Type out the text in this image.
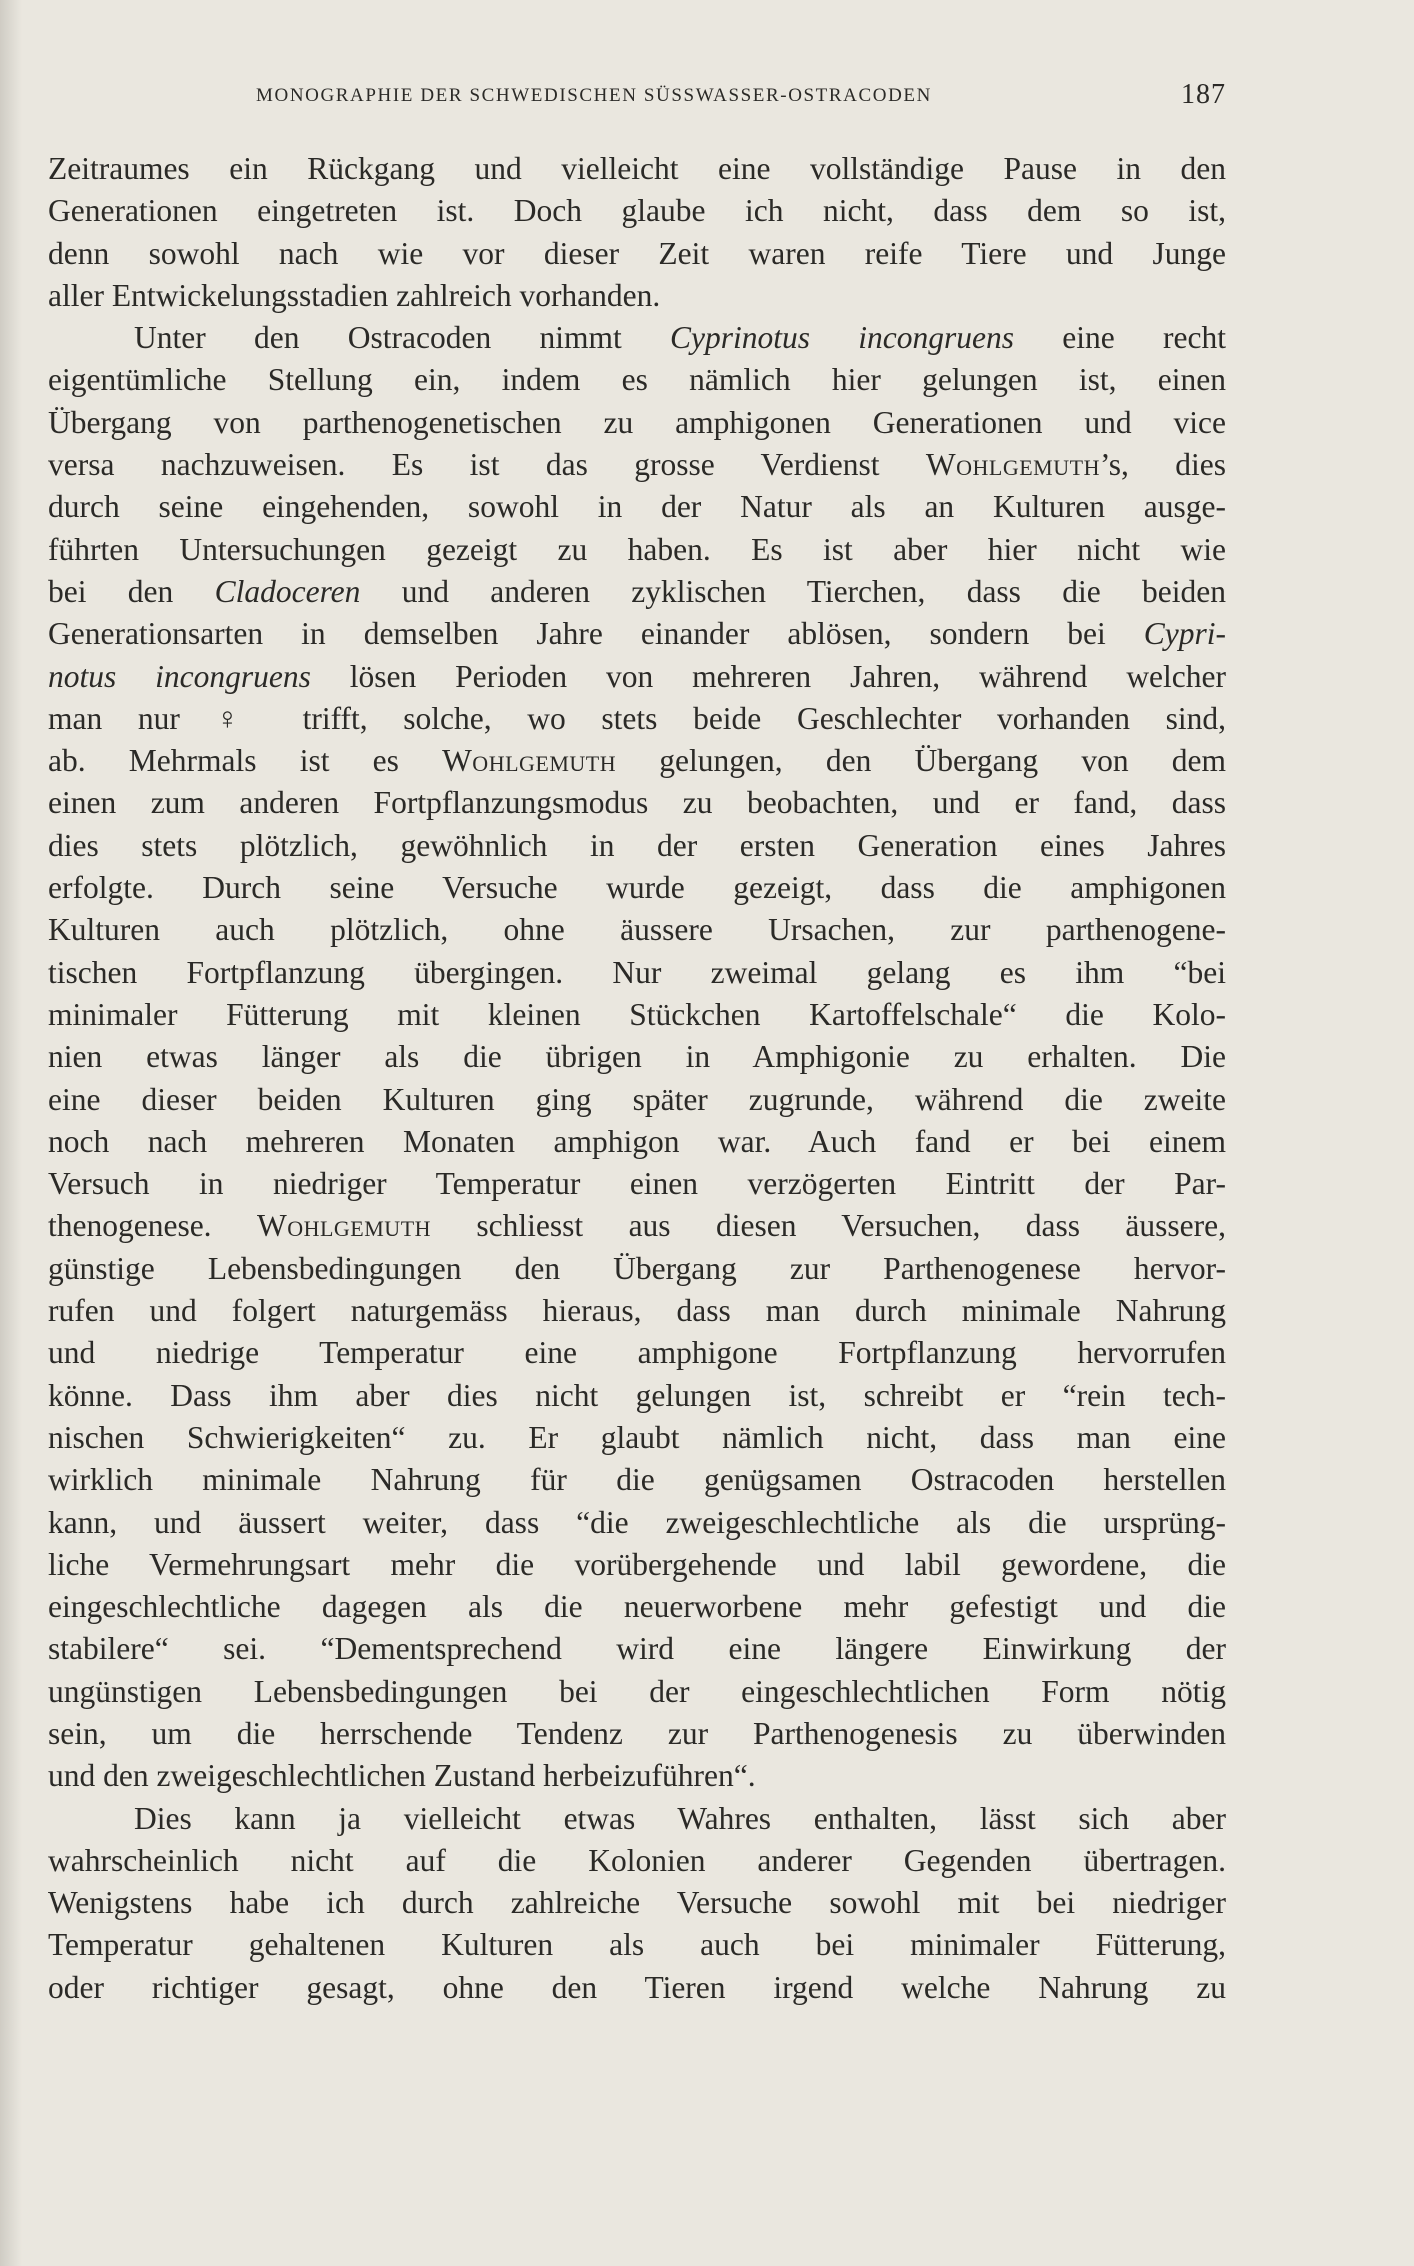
MONOGRAPHIE DER SCHWEDISCHEN SÜSSWASSER-OSTRACODEN	187
Zeitraumes ein Rückgang und vielleicht eine vollständige Pause in den
Generationen eingetreten ist. Doch glaube ich nicht, dass dem so ist,
denn sowohl nach wie vor dieser Zeit waren reife Tiere und Junge
aller Entwickelungsstadien zahlreich vorhanden.
Unter den Ostracoden nimmt Cyprinotus incongruens eine recht
eigentümliche Stellung ein, indem es nämlich hier gelungen ist, einen
Übergang von parthenogenetischen zu amphigonen Generationen und vice
versa nachzuweisen. Es ist das grosse Verdienst Wohlgemuth’s, dies
durch seine eingehenden, sowohl in der Natur als an Kulturen ausge-
führten Untersuchungen gezeigt zu haben. Es ist aber hier nicht wie
bei den Cladoceren und anderen zyklischen Tierchen, dass die beiden
Generationsarten in demselben Jahre einander ablösen, sondern bei Cypri-
notus incongruens lösen Perioden von mehreren Jahren, während welcher
man nur ♀ trifft, solche, wo stets beide Geschlechter vorhanden sind,
ab. Mehrmals ist es Wohlgemuth gelungen, den Übergang von dem
einen zum anderen Fortpflanzungsmodus zu beobachten, und er fand, dass
dies stets plötzlich, gewöhnlich in der ersten Generation eines Jahres
erfolgte. Durch seine Versuche wurde gezeigt, dass die amphigonen
Kulturen auch plötzlich, ohne äussere Ursachen, zur parthenogene-
tischen Fortpflanzung übergingen. Nur zweimal gelang es ihm “bei
minimaler Fütterung mit kleinen Stückchen Kartoffelschale“ die Kolo-
nien etwas länger als die übrigen in Amphigonie zu erhalten. Die
eine dieser beiden Kulturen ging später zugrunde, während die zweite
noch nach mehreren Monaten amphigon war. Auch fand er bei einem
Versuch in niedriger Temperatur einen verzögerten Eintritt der Par-
thenogenese. Wohlgemuth schliesst aus diesen Versuchen, dass äussere,
günstige Lebensbedingungen den Übergang zur Parthenogenese hervor-
rufen und folgert naturgemäss hieraus, dass man durch minimale Nahrung
und niedrige Temperatur eine amphigone Fortpflanzung hervorrufen
könne. Dass ihm aber dies nicht gelungen ist, schreibt er “rein tech-
nischen Schwierigkeiten“ zu. Er glaubt nämlich nicht, dass man eine
wirklich minimale Nahrung für die genügsamen Ostracoden herstellen
kann, und äussert weiter, dass “die zweigeschlechtliche als die ursprüng-
liche Vermehrungsart mehr die vorübergehende und labil gewordene, die
eingeschlechtliche dagegen als die neuerworbene mehr gefestigt und die
stabilere“ sei. “Dementsprechend wird eine längere Einwirkung der
ungünstigen Lebensbedingungen bei der eingeschlechtlichen Form nötig
sein, um die herrschende Tendenz zur Parthenogenesis zu überwinden
und den zweigeschlechtlichen Zustand herbeizuführen“.
Dies kann ja vielleicht etwas Wahres enthalten, lässt sich aber
wahrscheinlich nicht auf die Kolonien anderer Gegenden übertragen.
Wenigstens habe ich durch zahlreiche Versuche sowohl mit bei niedriger
Temperatur gehaltenen Kulturen als auch bei minimaler Fütterung,
oder richtiger gesagt, ohne den Tieren irgend welche Nahrung zu
